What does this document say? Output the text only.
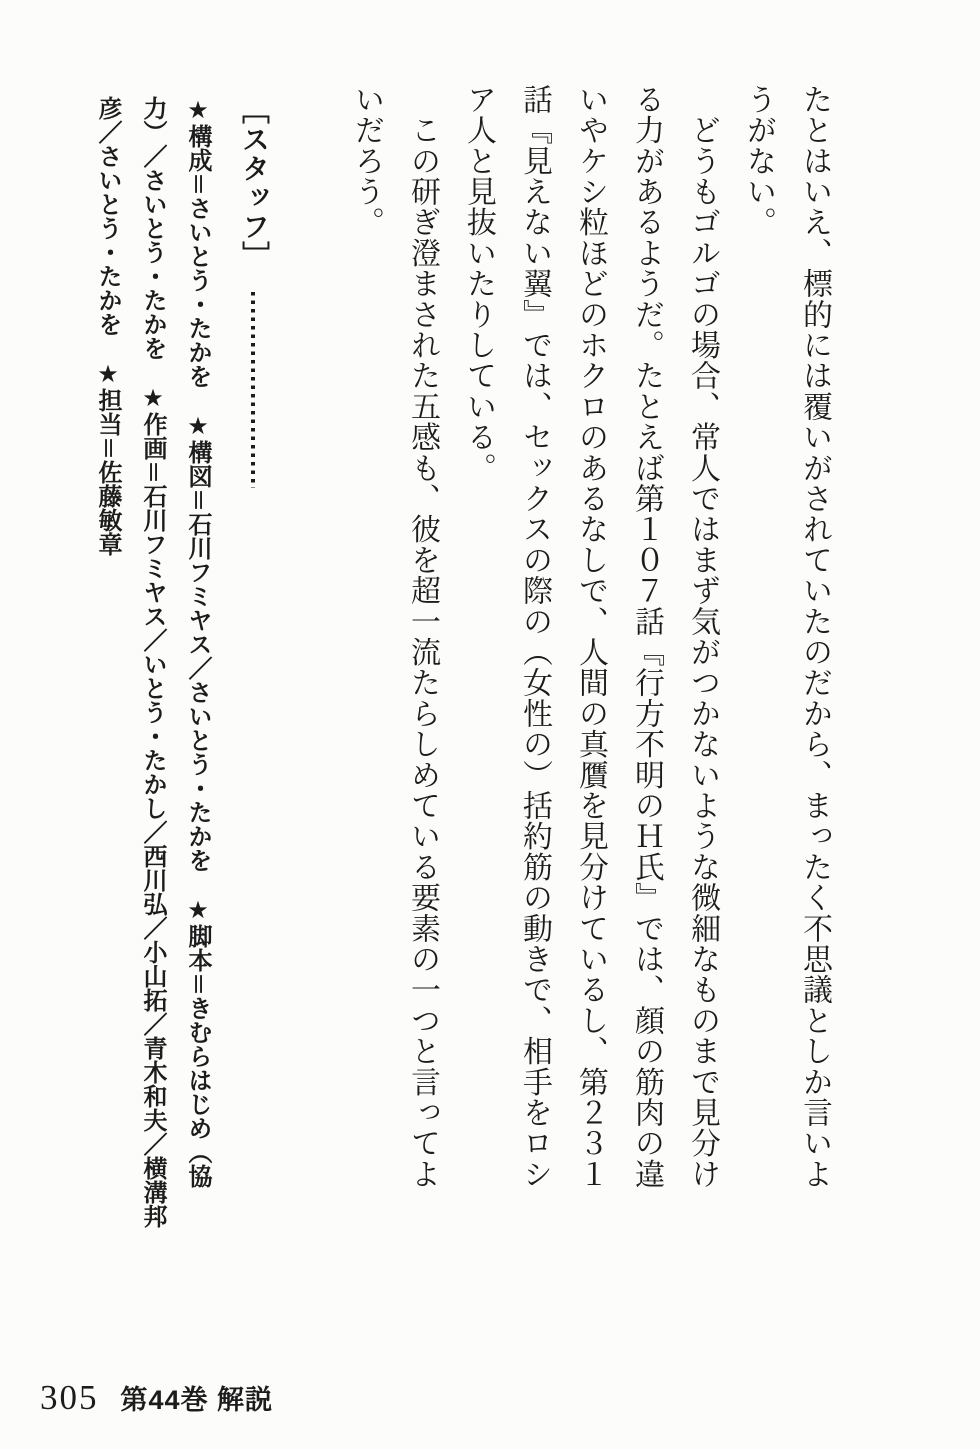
たとはいえ、標的には覆いがされていたのだから、まったく不思議としか言いよ
うがない。
　どうもゴルゴの場合、常人ではまず気がつかないような微細なものまで見分け
る力があるようだ。たとえば第１０７話『行方不明のＨ氏』では、顔の筋肉の違
いやケシ粒ほどのホクロのあるなしで、人間の真贋を見分けているし、第２３１
話『見えない翼』では、セックスの際の（女性の）括約筋の動きで、相手をロシ
ア人と見抜いたりしている。
　この研ぎ澄まされた五感も、彼を超一流たらしめている要素の一つと言ってよ
いだろう。
［スタッフ］
★構成＝さいとう・たかを　★構図＝石川フミヤス／さいとう・たかを　★脚本＝きむらはじめ（協
力）／さいとう・たかを　★作画＝石川フミヤス／いとう・たかし／西川弘／小山拓／青木和夫／横溝邦
彦／さいとう・たかを　★担当＝佐藤敏章
305 第44巻 解説
